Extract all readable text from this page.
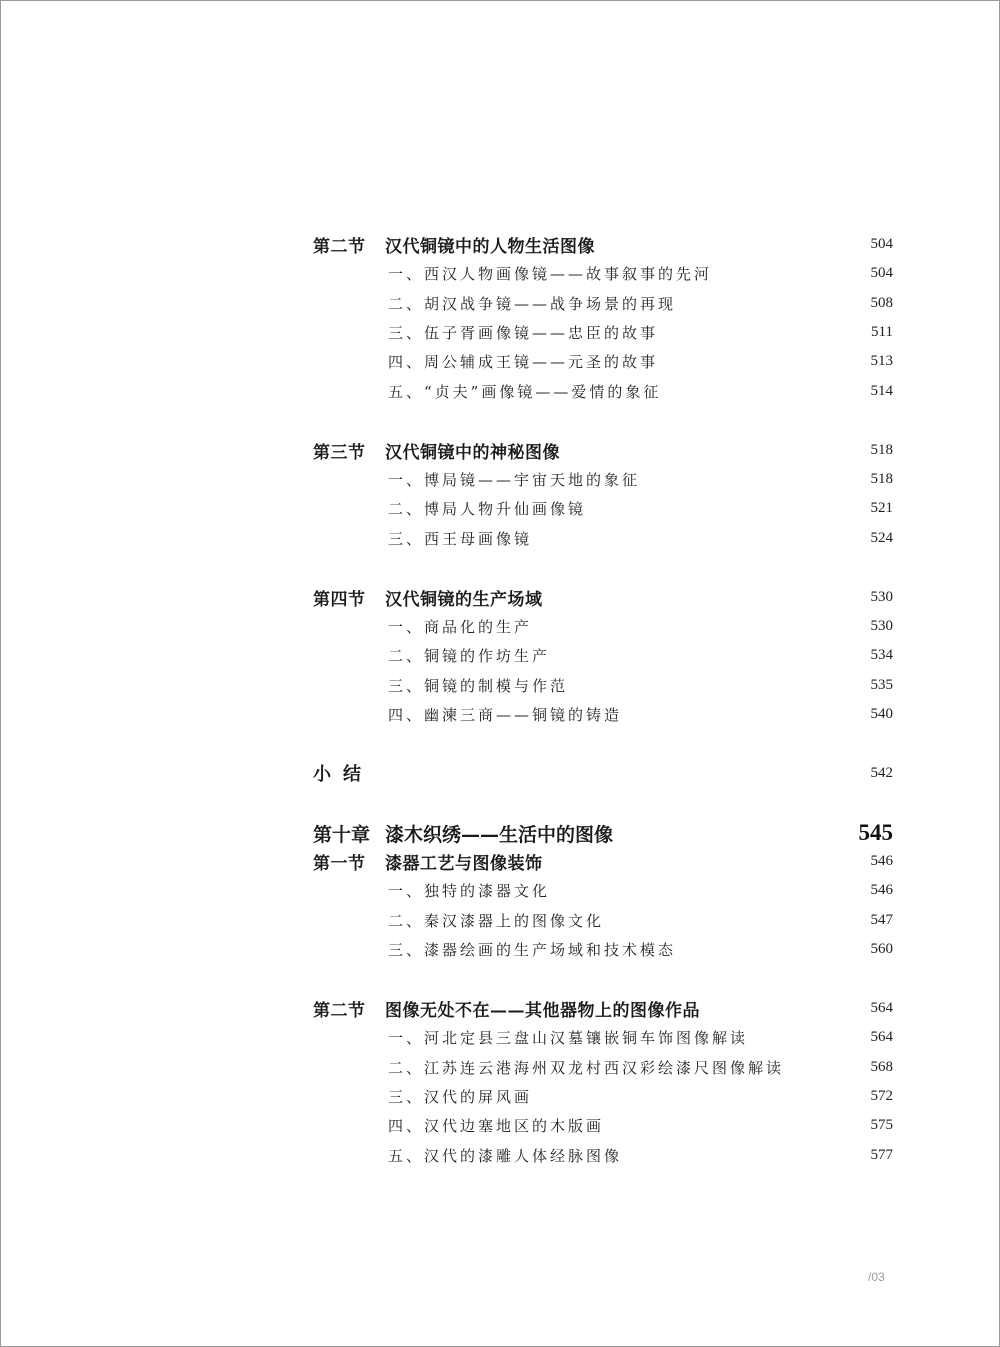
第二节	汉代铜镜中的人物生活图像	504
一、西汉人物画像镜——故事叙事的先河	504
二、胡汉战争镜——战争场景的再现	508
三、伍子胥画像镜——忠臣的故事	511
四、周公辅成王镜——元圣的故事	513
五、“贞夫”画像镜——爱情的象征	514
第三节	汉代铜镜中的神秘图像	518
一、博局镜——宇宙天地的象征	518
二、博局人物升仙画像镜	521
三、西王母画像镜	524
第四节	汉代铜镜的生产场域	530
一、商品化的生产	530
二、铜镜的作坊生产	534
三、铜镜的制模与作范	535
四、幽湅三商——铜镜的铸造	540
小结	542
第十章 漆木织绣——生活中的图像	545
第一节	漆器工艺与图像装饰	546
一、独特的漆器文化	546
二、秦汉漆器上的图像文化	547
三、漆器绘画的生产场域和技术模态	560
第二节	图像无处不在——其他器物上的图像作品	564
一、河北定县三盘山汉墓镶嵌铜车饰图像解读	564
二、江苏连云港海州双龙村西汉彩绘漆尺图像解读	568
三、汉代的屏风画	572
四、汉代边塞地区的木版画	575
五、汉代的漆雕人体经脉图像	577
/03
